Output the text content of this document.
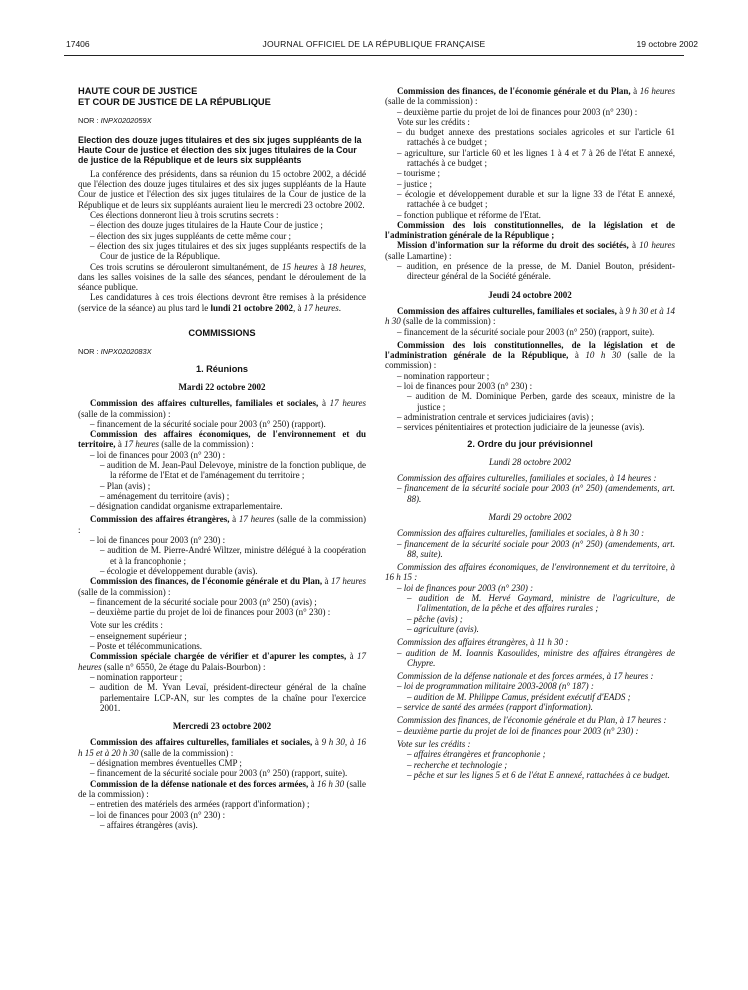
17406	JOURNAL OFFICIEL DE LA RÉPUBLIQUE FRANÇAISE	19 octobre 2002

HAUTE COUR DE JUSTICE

ET COUR DE JUSTICE DE LA RÉPUBLIQUE

NOR : INPX0202059X

Election des douze juges titulaires et des six juges suppléants de la Haute Cour de justice et élection des six juges titulaires de la Cour de justice de la République et de leurs six suppléants

La conférence des présidents, dans sa réunion du 15 octobre 2002, a décidé que l'élection des douze juges titulaires et des six juges suppléants de la Haute Cour de justice et l'élection des six juges titulaires de la Cour de justice de la République et de leurs six suppléants auraient lieu le mercredi 23 octobre 2002.

Ces élections donneront lieu à trois scrutins secrets :

– élection des douze juges titulaires de la Haute Cour de justice ;

– élection des six juges suppléants de cette même cour ;

– élection des six juges titulaires et des six juges suppléants respectifs de la Cour de justice de la République.

Ces trois scrutins se dérouleront simultanément, de 15 heures à 18 heures, dans les salles voisines de la salle des séances, pendant le déroulement de la séance publique.

Les candidatures à ces trois élections devront être remises à la présidence (service de la séance) au plus tard le lundi 21 octobre 2002, à 17 heures.

COMMISSIONS

NOR : INPX0202083X

1. Réunions

Mardi 22 octobre 2002

Commission des affaires culturelles, familiales et sociales, à 17 heures (salle de la commission) :

– financement de la sécurité sociale pour 2003 (n° 250) (rapport).

Commission des affaires économiques, de l'environnement et du territoire, à 17 heures (salle de la commission) :

– loi de finances pour 2003 (n° 230) :

– audition de M. Jean-Paul Delevoye, ministre de la fonction publique, de la réforme de l'Etat et de l'aménagement du territoire ;

– Plan (avis) ;

– aménagement du territoire (avis) ;

– désignation candidat organisme extraparlementaire.

Commission des affaires étrangères, à 17 heures (salle de la commission) :

– loi de finances pour 2003 (n° 230) :

– audition de M. Pierre-André Wiltzer, ministre délégué à la coopération et à la francophonie ;

– écologie et développement durable (avis).

Commission des finances, de l'économie générale et du Plan, à 17 heures (salle de la commission) :

– financement de la sécurité sociale pour 2003 (n° 250) (avis) ;

– deuxième partie du projet de loi de finances pour 2003 (n° 230) :

Vote sur les crédits :

– enseignement supérieur ;

– Poste et télécommunications.

Commission spéciale chargée de vérifier et d'apurer les comptes, à 17 heures (salle n° 6550, 2e étage du Palais-Bourbon) :

– nomination rapporteur ;

– audition de M. Yvan Levaï, président-directeur général de la chaîne parlementaire LCP-AN, sur les comptes de la chaîne pour l'exercice 2001.

Mercredi 23 octobre 2002

Commission des affaires culturelles, familiales et sociales, à 9 h 30, à 16 h 15 et à 20 h 30 (salle de la commission) :

– désignation membres éventuelles CMP ;

– financement de la sécurité sociale pour 2003 (n° 250) (rapport, suite).

Commission de la défense nationale et des forces armées, à 16 h 30 (salle de la commission) :

– entretien des matériels des armées (rapport d'information) ;

– loi de finances pour 2003 (n° 230) :

– affaires étrangères (avis).

Commission des finances, de l'économie générale et du Plan, à 16 heures (salle de la commission) :

– deuxième partie du projet de loi de finances pour 2003 (n° 230) :

Vote sur les crédits :

– du budget annexe des prestations sociales agricoles et sur l'article 61 rattachés à ce budget ;

– agriculture, sur l'article 60 et les lignes 1 à 4 et 7 à 26 de l'état E annexé, rattachés à ce budget ;

– tourisme ;

– justice ;

– écologie et développement durable et sur la ligne 33 de l'état E annexé, rattachée à ce budget ;

– fonction publique et réforme de l'Etat.

Commission des lois constitutionnelles, de la législation et de l'administration générale de la République ;

Mission d'information sur la réforme du droit des sociétés, à 10 heures (salle Lamartine) :

– audition, en présence de la presse, de M. Daniel Bouton, président-directeur général de la Société générale.

Jeudi 24 octobre 2002

Commission des affaires culturelles, familiales et sociales, à 9 h 30 et à 14 h 30 (salle de la commission) :

– financement de la sécurité sociale pour 2003 (n° 250) (rapport, suite).

Commission des lois constitutionnelles, de la législation et de l'administration générale de la République, à 10 h 30 (salle de la commission) :

– nomination rapporteur ;

– loi de finances pour 2003 (n° 230) :

– audition de M. Dominique Perben, garde des sceaux, ministre de la justice ;

– administration centrale et services judiciaires (avis) ;

– services pénitentiaires et protection judiciaire de la jeunesse (avis).

2. Ordre du jour prévisionnel

Lundi 28 octobre 2002

Commission des affaires culturelles, familiales et sociales, à 14 heures :

– financement de la sécurité sociale pour 2003 (n° 250) (amendements, art. 88).

Mardi 29 octobre 2002

Commission des affaires culturelles, familiales et sociales, à 8 h 30 :

– financement de la sécurité sociale pour 2003 (n° 250) (amendements, art. 88, suite).

Commission des affaires économiques, de l'environnement et du territoire, à 16 h 15 :

– loi de finances pour 2003 (n° 230) :

– audition de M. Hervé Gaymard, ministre de l'agriculture, de l'alimentation, de la pêche et des affaires rurales ;

– pêche (avis) ;

– agriculture (avis).

Commission des affaires étrangères, à 11 h 30 :

– audition de M. Ioannis Kasoulides, ministre des affaires étrangères de Chypre.

Commission de la défense nationale et des forces armées, à 17 heures :

– loi de programmation militaire 2003-2008 (n° 187) :

– audition de M. Philippe Camus, président exécutif d'EADS ;

– service de santé des armées (rapport d'information).

Commission des finances, de l'économie générale et du Plan, à 17 heures :

– deuxième partie du projet de loi de finances pour 2003 (n° 230) :

Vote sur les crédits :

– affaires étrangères et francophonie ;

– recherche et technologie ;

– pêche et sur les lignes 5 et 6 de l'état E annexé, rattachées à ce budget.
